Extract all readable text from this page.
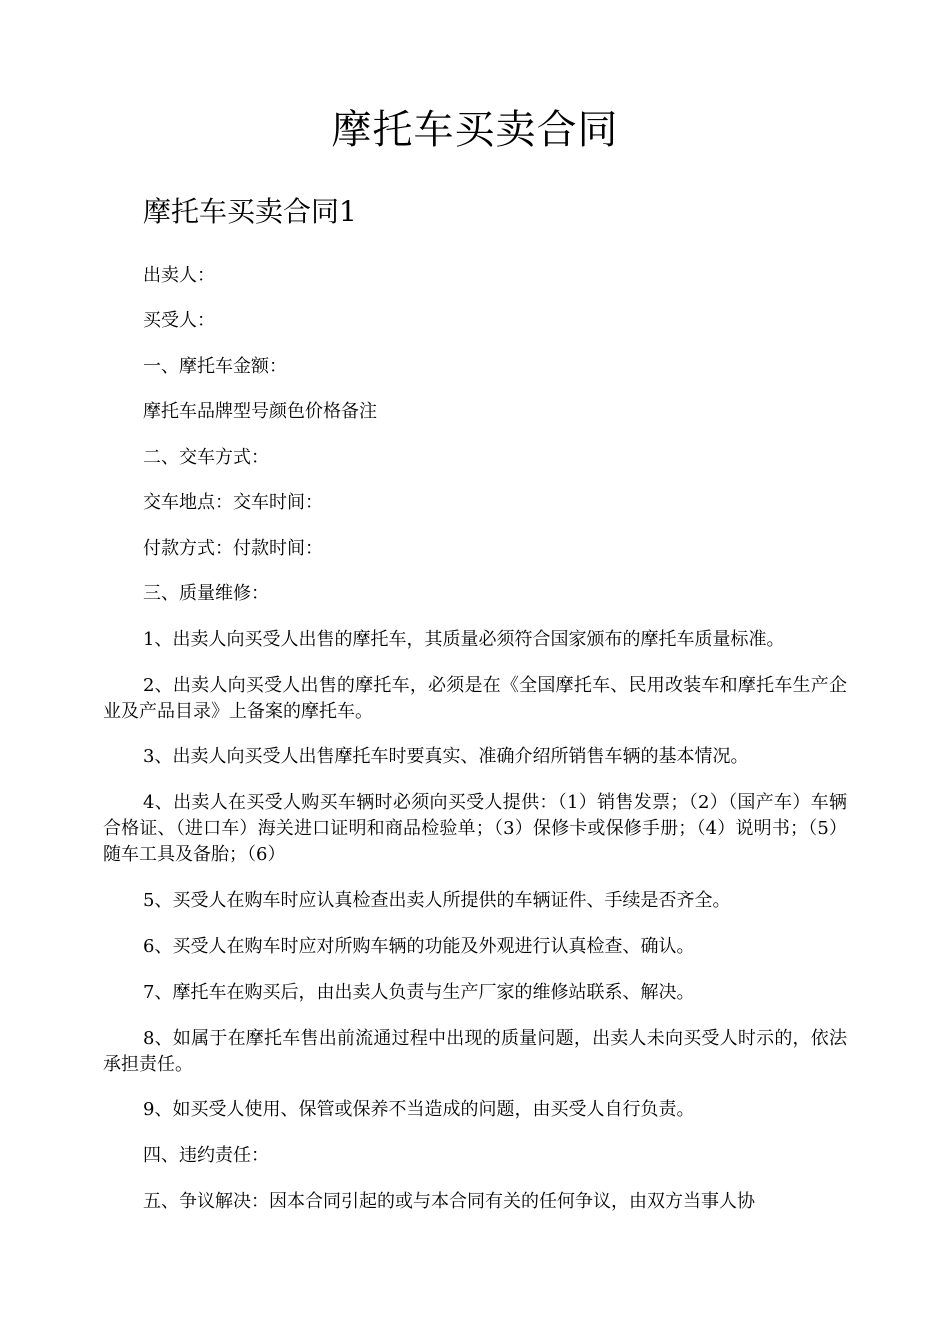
摩托车买卖合同
摩托车买卖合同1
出卖人：
买受人：
一、摩托车金额：
摩托车品牌型号颜色价格备注
二、交车方式：
交车地点：交车时间：
付款方式：付款时间：
三、质量维修：
1、出卖人向买受人出售的摩托车，其质量必须符合国家颁布的摩托车质量标准。
2、出卖人向买受人出售的摩托车，必须是在《全国摩托车、民用改装车和摩托车生产企业及产品目录》上备案的摩托车。
3、出卖人向买受人出售摩托车时要真实、准确介绍所销售车辆的基本情况。
4、出卖人在买受人购买车辆时必须向买受人提供：（1）销售发票；（2）（国产车）车辆合格证、（进口车）海关进口证明和商品检验单；（3）保修卡或保修手册；（4）说明书；（5）随车工具及备胎；（6）
5、买受人在购车时应认真检查出卖人所提供的车辆证件、手续是否齐全。
6、买受人在购车时应对所购车辆的功能及外观进行认真检查、确认。
7、摩托车在购买后，由出卖人负责与生产厂家的维修站联系、解决。
8、如属于在摩托车售出前流通过程中出现的质量问题，出卖人未向买受人时示的，依法承担责任。
9、如买受人使用、保管或保养不当造成的问题，由买受人自行负责。
四、违约责任：
五、争议解决：因本合同引起的或与本合同有关的任何争议，由双方当事人协
